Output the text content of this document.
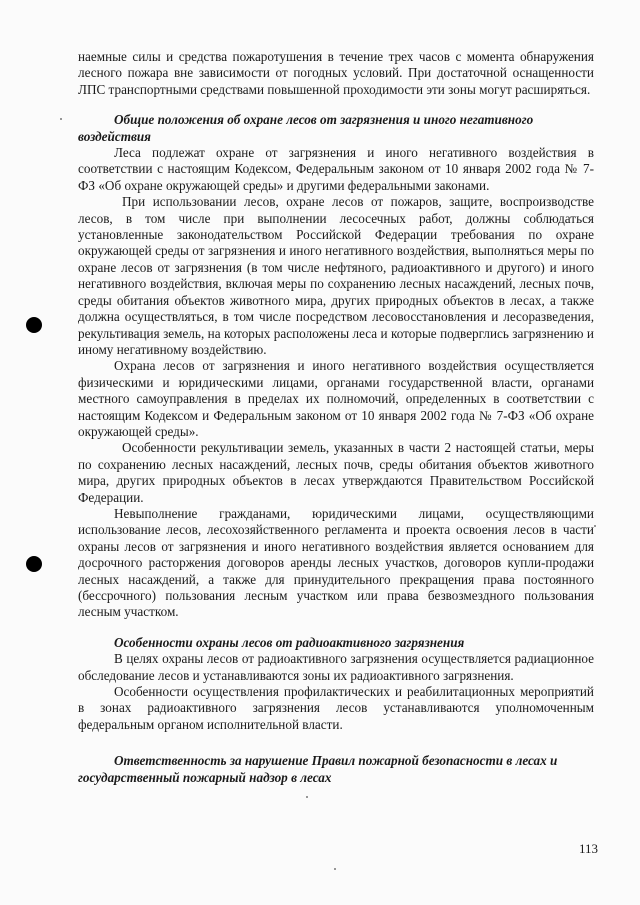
наемные силы и средства пожаротушения в течение трех часов с момента обнаружения лесного пожара вне зависимости от погодных условий. При достаточной оснащенности ЛПС транспортными средствами повышенной проходимости эти зоны могут расширяться.

Общие положения об охране лесов от загрязнения и иного негативного воздействия

Леса подлежат охране от загрязнения и иного негативного воздействия в соответствии с настоящим Кодексом, Федеральным законом от 10 января 2002 года № 7-ФЗ «Об охране окружающей среды» и другими федеральными законами.

При использовании лесов, охране лесов от пожаров, защите, воспроизводстве лесов, в том числе при выполнении лесосечных работ, должны соблюдаться установленные законодательством Российской Федерации требования по охране окружающей среды от загрязнения и иного негативного воздействия, выполняться меры по охране лесов от загрязнения (в том числе нефтяного, радиоактивного и другого) и иного негативного воздействия, включая меры по сохранению лесных насаждений, лесных почв, среды обитания объектов животного мира, других природных объектов в лесах, а также должна осуществляться, в том числе посредством лесовосстановления и лесоразведения, рекультивация земель, на которых расположены леса и которые подверглись загрязнению и иному негативному воздействию.

Охрана лесов от загрязнения и иного негативного воздействия осуществляется физическими и юридическими лицами, органами государственной власти, органами местного самоуправления в пределах их полномочий, определенных в соответствии с настоящим Кодексом и Федеральным законом от 10 января 2002 года № 7-ФЗ «Об охране окружающей среды».

Особенности рекультивации земель, указанных в части 2 настоящей статьи, меры по сохранению лесных насаждений, лесных почв, среды обитания объектов животного мира, других природных объектов в лесах утверждаются Правительством Российской Федерации.

Невыполнение гражданами, юридическими лицами, осуществляющими использование лесов, лесохозяйственного регламента и проекта освоения лесов в части охраны лесов от загрязнения и иного негативного воздействия является основанием для досрочного расторжения договоров аренды лесных участков, договоров купли-продажи лесных насаждений, а также для принудительного прекращения права постоянного (бессрочного) пользования лесным участком или права безвозмездного пользования лесным участком.

Особенности охраны лесов от радиоактивного загрязнения

В целях охраны лесов от радиоактивного загрязнения осуществляется радиационное обследование лесов и устанавливаются зоны их радиоактивного загрязнения.

Особенности осуществления профилактических и реабилитационных мероприятий в зонах радиоактивного загрязнения лесов устанавливаются уполномоченным федеральным органом исполнительной власти.

Ответственность за нарушение Правил пожарной безопасности в лесах и государственный пожарный надзор в лесах

113
